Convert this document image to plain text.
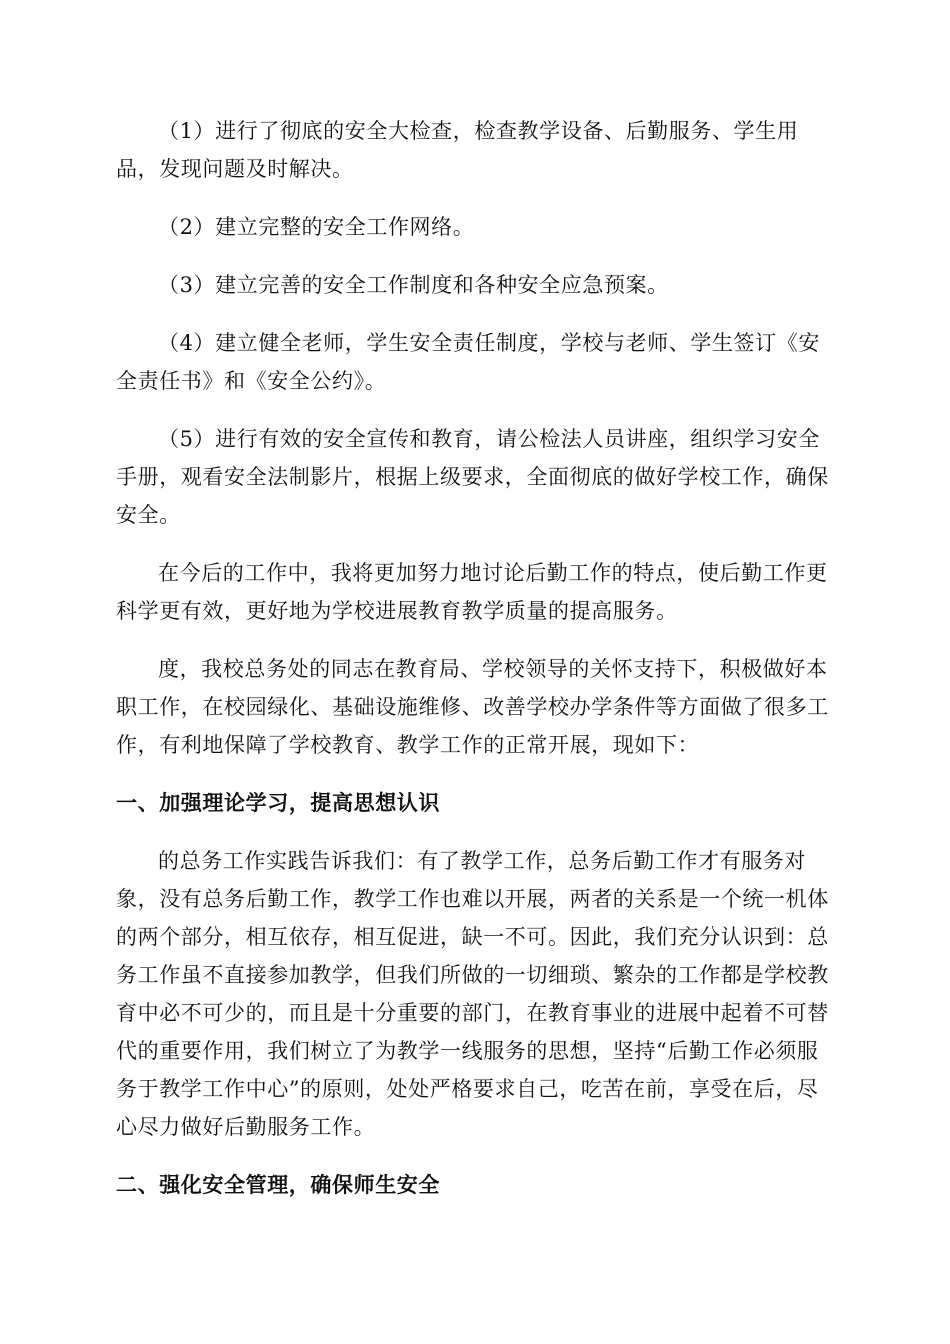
（1）进行了彻底的安全大检查，检查教学设备、后勤服务、学生用品，发现问题及时解决。

（2）建立完整的安全工作网络。

（3）建立完善的安全工作制度和各种安全应急预案。

（4）建立健全老师，学生安全责任制度，学校与老师、学生签订《安全责任书》和《安全公约》。

（5）进行有效的安全宣传和教育，请公检法人员讲座，组织学习安全手册，观看安全法制影片，根据上级要求，全面彻底的做好学校工作，确保安全。

在今后的工作中，我将更加努力地讨论后勤工作的特点，使后勤工作更科学更有效，更好地为学校进展教育教学质量的提高服务。

度，我校总务处的同志在教育局、学校领导的关怀支持下，积极做好本职工作，在校园绿化、基础设施维修、改善学校办学条件等方面做了很多工作，有利地保障了学校教育、教学工作的正常开展，现如下：

一、加强理论学习，提高思想认识

的总务工作实践告诉我们：有了教学工作，总务后勤工作才有服务对象，没有总务后勤工作，教学工作也难以开展，两者的关系是一个统一机体的两个部分，相互依存，相互促进，缺一不可。因此，我们充分认识到：总务工作虽不直接参加教学，但我们所做的一切细琐、繁杂的工作都是学校教育中必不可少的，而且是十分重要的部门，在教育事业的进展中起着不可替代的重要作用，我们树立了为教学一线服务的思想，坚持“后勤工作必须服务于教学工作中心”的原则，处处严格要求自己，吃苦在前，享受在后，尽心尽力做好后勤服务工作。

二、强化安全管理，确保师生安全
